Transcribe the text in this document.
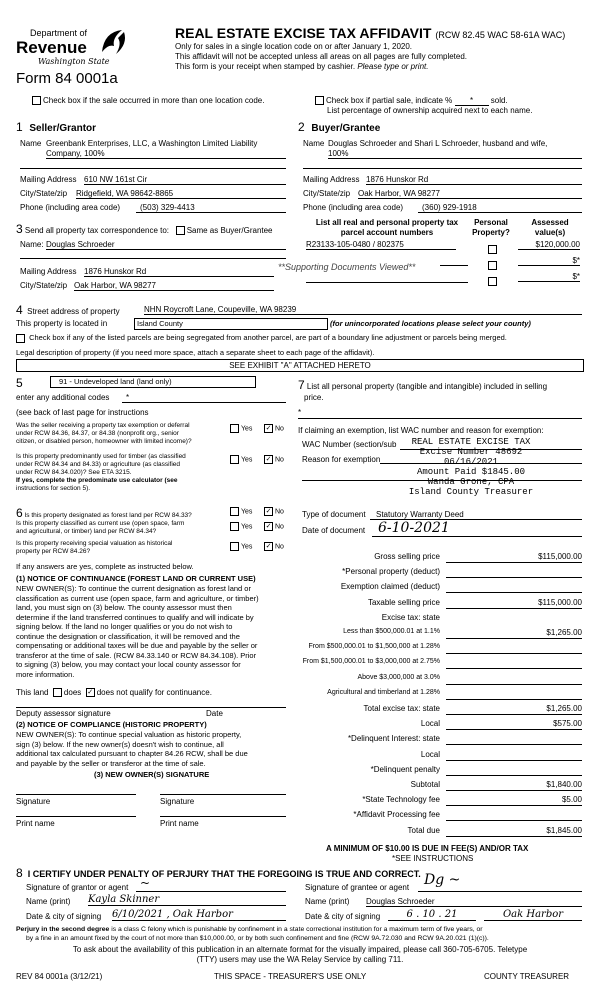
Department of
Revenue
Washington State
Form 84 0001a
REAL ESTATE EXCISE TAX AFFIDAVIT (RCW 82.45 WAC 58-61A WAC)
Only for sales in a single location code on or after January 1, 2020.
This affidavit will not be accepted unless all areas on all pages are fully completed.
This form is your receipt when stamped by cashier. Please type or print.
Check box if the sale occurred in more than one location code.	Check box if partial sale, indicate % * sold.
List percentage of ownership acquired next to each name.
1 Seller/Grantor
Name Greenbank Enterprises, LLC, a Washington Limited Liability
Company, 100%
Mailing Address 610 NW 161st Cir
City/State/zip Ridgefield, WA 98642-8865
Phone (including area code)	(503) 329-4413
2 Buyer/Grantee
Name Douglas Schroeder and Shari L Schroeder, husband and wife,
100%
Mailing Address 1876 Hunskor Rd
City/State/zip Oak Harbor, WA 98277
Phone (including area code)	(360) 929-1918
3 Send all property tax correspondence to: Same as Buyer/Grantee
Name: Douglas Schroeder
Mailing Address 1876 Hunskor Rd
City/State/zip Oak Harbor, WA 98277
**Supporting Documents Viewed**
List all real and personal property tax
parcel account numbers
Personal
Property?
Assessed
value(s)
R23133-105-0480 / 802375	$120,000.00
$*
$*
4 Street address of property	NHN Roycroft Lane, Coupeville, WA 98239
This property is located in	Island County	(for unincorporated locations please select your county)
Check box if any of the listed parcels are being segregated from another parcel, are part of a boundary line adjustment or parcels being merged.
Legal description of property (if you need more space, attach a separate sheet to each page of the affidavit).
SEE EXHIBIT "A" ATTACHED HERETO
5	91 - Undeveloped land (land only)
enter any additional codes	*
(see back of last page for instructions
Was the seller receiving a property tax exemption or deferral
under RCW 84.36, 84.37, or 84.38 (nonprofit org., senior
citizen, or disabled person, homeowner with limited income)?
Yes ✓ No
Is this property predominantly used for timber (as classified
under RCW 84.34 and 84.33) or agriculture (as classified
under RCW 84.34.020)? See ETA 3215.
If yes, complete the predominate use calculator (see
instructions for section 5).
Yes ✓ No
6 Is this property designated as forest land per RCW 84.33?
Yes ✓ No
Is this property classified as current use (open space, farm
and agricultural, or timber) land per RCW 84.34?
Yes ✓ No
Is this property receiving special valuation as historical
property per RCW 84.26?
Yes ✓ No
If any answers are yes, complete as instructed below.
(1) NOTICE OF CONTINUANCE (FOREST LAND OR CURRENT USE)
NEW OWNER(S): To continue the current designation as forest land or
classification as current use (open space, farm and agriculture, or timber)
land, you must sign on (3) below. The county assessor must then
determine if the land transferred continues to qualify and will indicate by
signing below. If the land no longer qualifies or you do not wish to
continue the designation or classification, it will be removed and the
compensating or additional taxes will be due and payable by the seller or
transferor at the time of sale. (RCW 84.33.140 or RCW 84.34.108). Prior
to signing (3) below, you may contact your local county assessor for
more information.
This land does ✓ does not qualify for continuance.
Deputy assessor signature	Date
(2) NOTICE OF COMPLIANCE (HISTORIC PROPERTY)
NEW OWNER(S): To continue special valuation as historic property,
sign (3) below. If the new owner(s) doesn't wish to continue, all
additional tax calculated pursuant to chapter 84.26 RCW, shall be due
and payable by the seller or transferor at the time of sale.
(3) NEW OWNER(S) SIGNATURE
Signature	Signature
Print name	Print name
7 List all personal property (tangible and intangible) included in selling
price.
*
If claiming an exemption, list WAC number and reason for exemption:
WAC Number (section/sub
Reason for exemption
REAL ESTATE EXCISE TAX
Excise Number 48692
06/16/2021
Amount Paid $1845.00
Wanda Grone, CPA
Island County Treasurer
Type of document	Statutory Warranty Deed
Date of document 6-10-2021
Gross selling price	$115,000.00
*Personal property (deduct)
Exemption claimed (deduct)
Taxable selling price	$115,000.00
Excise tax: state
Less than $500,000.01 at 1.1%	$1,265.00
From $500,000.01 to $1,500,000 at 1.28%
From $1,500,000.01 to $3,000,000 at 2.75%
Above $3,000,000 at 3.0%
Agricultural and timberland at 1.28%
Total excise tax: state	$1,265.00
Local	$575.00
*Delinquent Interest: state
Local
*Delinquent penalty
Subtotal	$1,840.00
*State Technology fee	$5.00
*Affidavit Processing fee
Total due	$1,845.00
A MINIMUM OF $10.00 IS DUE IN FEE(S) AND/OR TAX
*SEE INSTRUCTIONS
8 I CERTIFY UNDER PENALTY OF PERJURY THAT THE FOREGOING IS TRUE AND CORRECT.
Signature of grantor or agent ~
Name (print) Kayla Skinner
Date & city of signing 6/10/2021 , Oak Harbor
Signature of grantee or agent Dg ~
Name (print) Douglas Schroeder
Date & city of signing	6 . 10 . 21	Oak Harbor
Perjury in the second degree is a class C felony which is punishable by confinement in a state correctional institution for a maximum term of five years, or
by a fine in an amount fixed by the court of not more than $10,000.00, or by both such confinement and fine (RCW 9A.72.030 and RCW 9A.20.021 (1)(c)).
To ask about the availability of this publication in an alternate format for the visually impaired, please call 360-705-6705. Teletype
(TTY) users may use the WA Relay Service by calling 711.
REV 84 0001a (3/12/21)	THIS SPACE - TREASURER'S USE ONLY	COUNTY TREASURER
